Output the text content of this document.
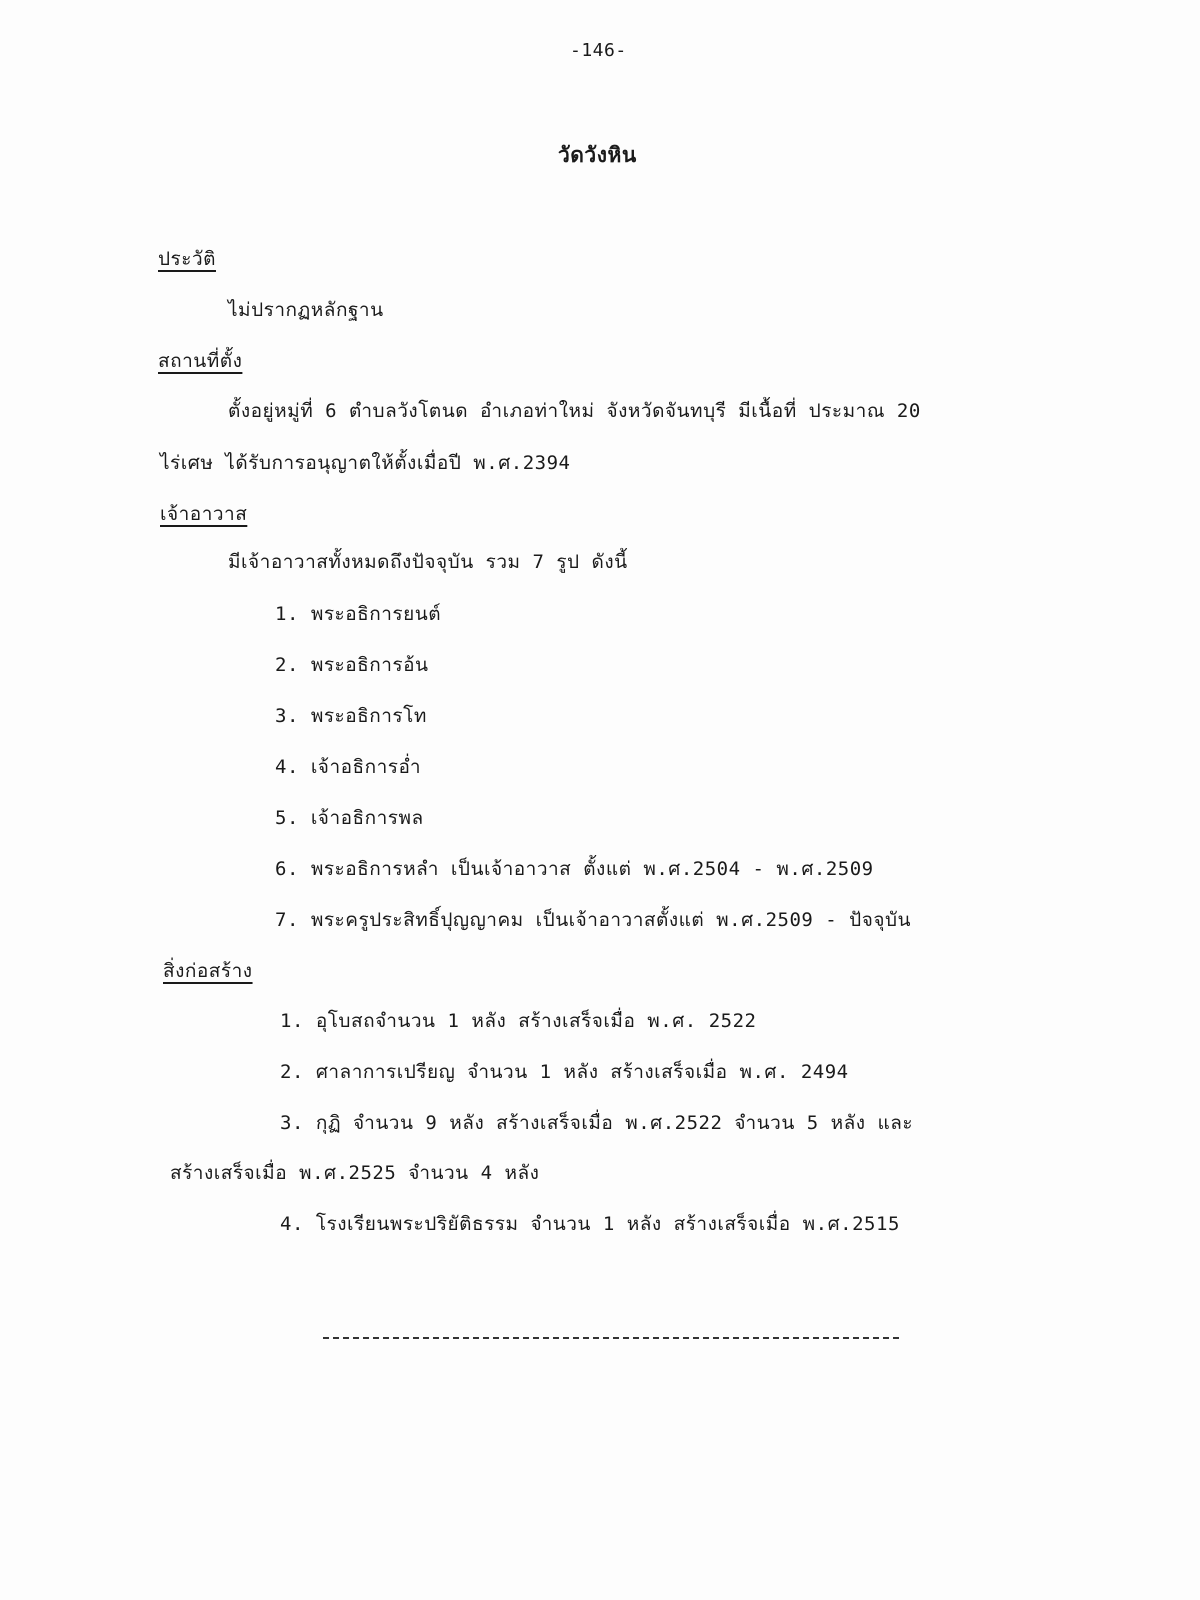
-146-
วัดวังหิน
ประวัติ
ไม่ปรากฏหลักฐาน
สถานที่ตั้ง
ตั้งอยู่หมู่ที่ 6 ตำบลวังโตนด อำเภอท่าใหม่ จังหวัดจันทบุรี มีเนื้อที่ ประมาณ 20
ไร่เศษ ได้รับการอนุญาตให้ตั้งเมื่อปี พ.ศ.2394
เจ้าอาวาส
มีเจ้าอาวาสทั้งหมดถึงปัจจุบัน รวม 7 รูป ดังนี้
1. พระอธิการยนต์
2. พระอธิการอ้น
3. พระอธิการโท
4. เจ้าอธิการอ่ำ
5. เจ้าอธิการพล
6. พระอธิการหลำ เป็นเจ้าอาวาส ตั้งแต่ พ.ศ.2504 - พ.ศ.2509
7. พระครูประสิทธิ์ปุญญาคม เป็นเจ้าอาวาสตั้งแต่ พ.ศ.2509 - ปัจจุบัน
สิ่งก่อสร้าง
1. อุโบสถจำนวน 1 หลัง สร้างเสร็จเมื่อ พ.ศ. 2522
2. ศาลาการเปรียญ จำนวน 1 หลัง สร้างเสร็จเมื่อ พ.ศ. 2494
3. กุฏิ จำนวน 9 หลัง สร้างเสร็จเมื่อ พ.ศ.2522 จำนวน 5 หลัง และ
สร้างเสร็จเมื่อ พ.ศ.2525 จำนวน 4 หลัง
4. โรงเรียนพระปริยัติธรรม จำนวน 1 หลัง สร้างเสร็จเมื่อ พ.ศ.2515
